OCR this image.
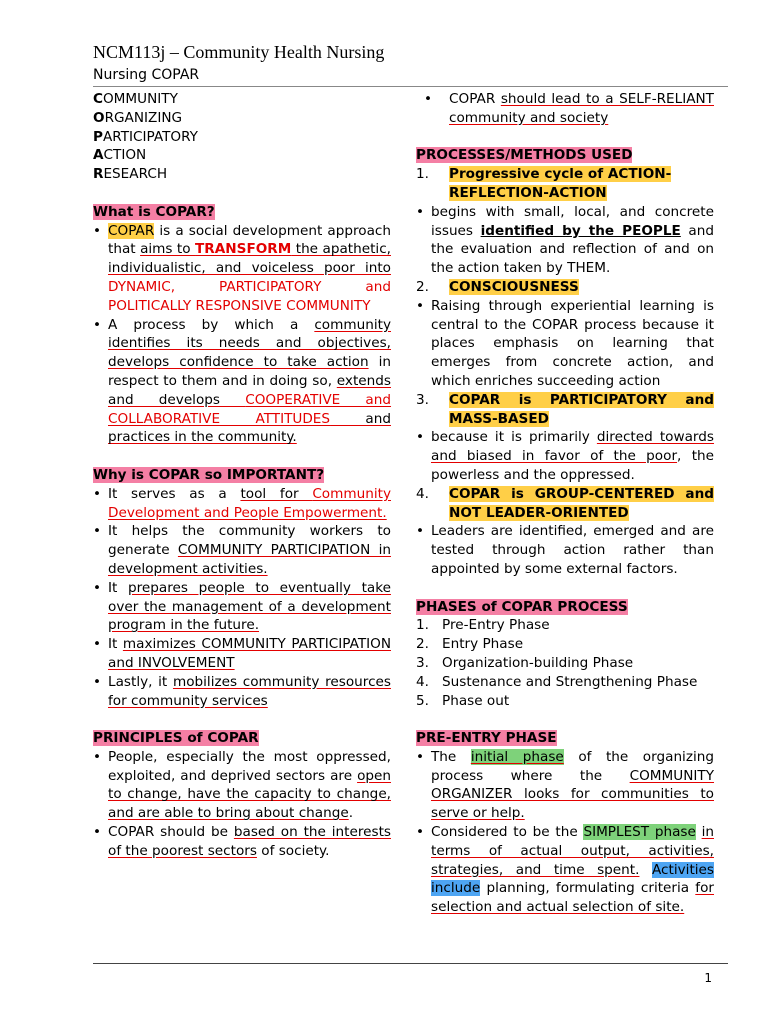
NCM113j – Community Health Nursing
Nursing COPAR
COMMUNITY
ORGANIZING
PARTICIPATORY
ACTION
RESEARCH
What is COPAR?
• COPAR is a social development approach that aims to TRANSFORM the apathetic, individualistic, and voiceless poor into DYNAMIC, PARTICIPATORY and POLITICALLY RESPONSIVE COMMUNITY
• A process by which a community identifies its needs and objectives, develops confidence to take action in respect to them and in doing so, extends and develops COOPERATIVE and COLLABORATIVE ATTITUDES and practices in the community.
Why is COPAR so IMPORTANT?
• It serves as a tool for Community Development and People Empowerment.
• It helps the community workers to generate COMMUNITY PARTICIPATION in development activities.
• It prepares people to eventually take over the management of a development program in the future.
• It maximizes COMMUNITY PARTICIPATION and INVOLVEMENT
• Lastly, it mobilizes community resources for community services
PRINCIPLES of COPAR
• People, especially the most oppressed, exploited, and deprived sectors are open to change, have the capacity to change, and are able to bring about change.
• COPAR should be based on the interests of the poorest sectors of society.
• COPAR should lead to a SELF-RELIANT community and society
PROCESSES/METHODS USED
1. Progressive cycle of ACTION-REFLECTION-ACTION
• begins with small, local, and concrete issues identified by the PEOPLE and the evaluation and reflection of and on the action taken by THEM.
2. CONSCIOUSNESS
• Raising through experiential learning is central to the COPAR process because it places emphasis on learning that emerges from concrete action, and which enriches succeeding action
3. COPAR is PARTICIPATORY and MASS-BASED
• because it is primarily directed towards and biased in favor of the poor, the powerless and the oppressed.
4. COPAR is GROUP-CENTERED and NOT LEADER-ORIENTED
• Leaders are identified, emerged and are tested through action rather than appointed by some external factors.
PHASES of COPAR PROCESS
1. Pre-Entry Phase
2. Entry Phase
3. Organization-building Phase
4. Sustenance and Strengthening Phase
5. Phase out
PRE-ENTRY PHASE
• The initial phase of the organizing process where the COMMUNITY ORGANIZER looks for communities to serve or help.
• Considered to be the SIMPLEST phase in terms of actual output, activities, strategies, and time spent. Activities include planning, formulating criteria for selection and actual selection of site.
1
